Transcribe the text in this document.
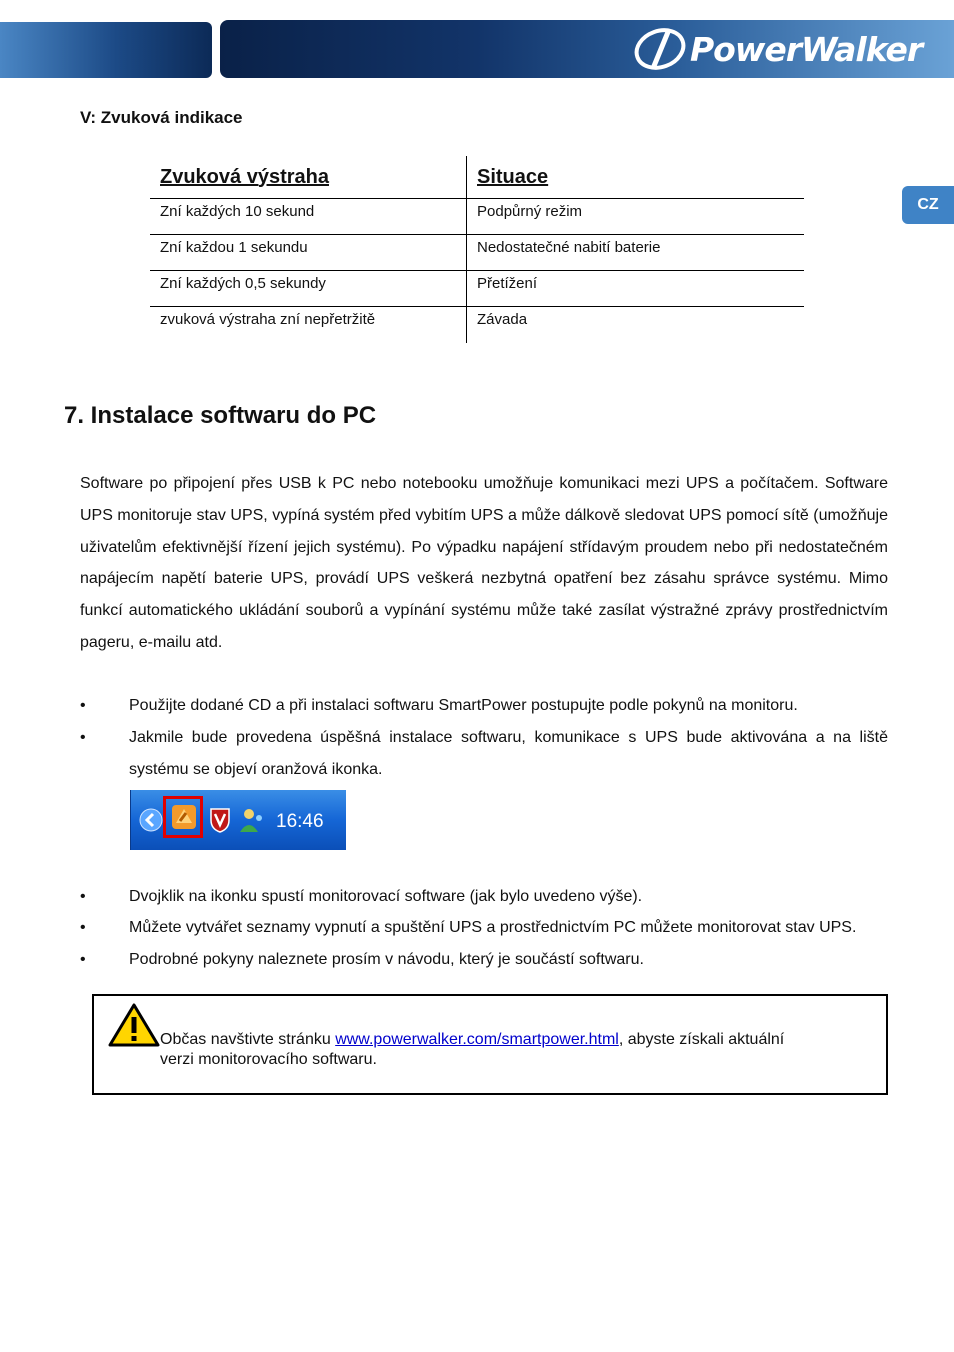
PowerWalker
CZ
V: Zvuková indikace
Zvuková výstraha	Situace
Zní každých 10 sekund	Podpůrný režim
Zní každou 1 sekundu	Nedostatečné nabití baterie
Zní každých 0,5 sekundy	Přetížení
zvuková výstraha zní nepřetržitě	Závada
7. Instalace softwaru do PC
Software po připojení přes USB k PC nebo notebooku umožňuje komunikaci mezi UPS a počítačem. Software UPS monitoruje stav UPS, vypíná systém před vybitím UPS a může dálkově sledovat UPS pomocí sítě (umožňuje uživatelům efektivnější řízení jejich systému). Po výpadku napájení střídavým proudem nebo při nedostatečném napájecím napětí baterie UPS, provádí UPS veškerá nezbytná opatření bez zásahu správce systému. Mimo funkcí automatického ukládání souborů a vypínání systému může také zasílat výstražné zprávy prostřednictvím pageru, e-mailu atd.
•	Použijte dodané CD a při instalaci softwaru SmartPower postupujte podle pokynů na monitoru.
•	Jakmile bude provedena úspěšná instalace softwaru, komunikace s UPS bude aktivována a na liště systému se objeví oranžová ikonka.
16:46
•	Dvojklik na ikonku spustí monitorovací software (jak bylo uvedeno výše).
•	Můžete vytvářet seznamy vypnutí a spuštění UPS a prostřednictvím PC můžete monitorovat stav UPS.
•	Podrobné pokyny naleznete prosím v návodu, který je součástí softwaru.
Občas navštivte stránku www.powerwalker.com/smartpower.html, abyste získali aktuální
verzi monitorovacího softwaru.
